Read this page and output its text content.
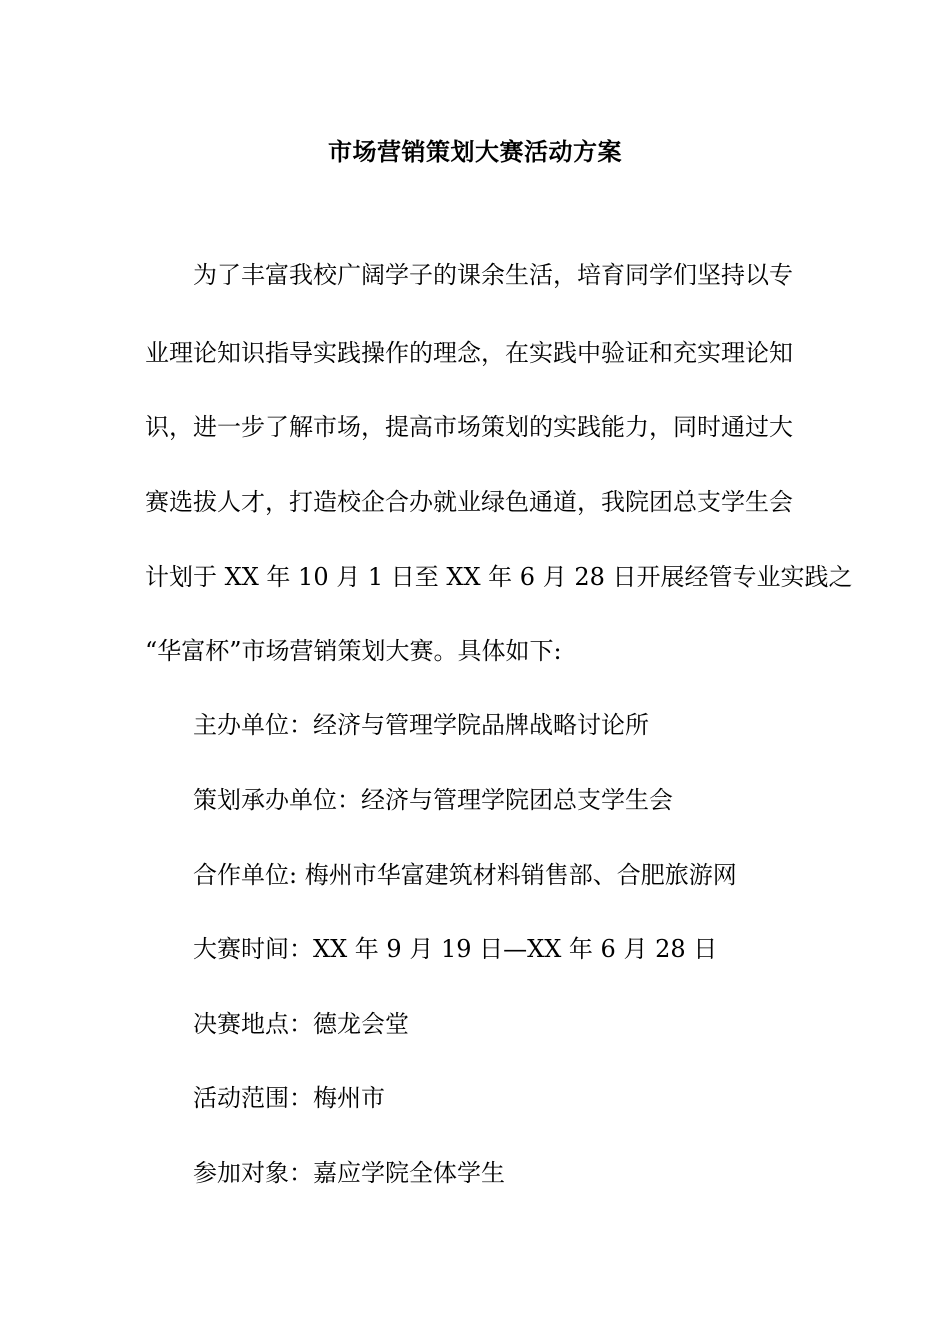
市场营销策划大赛活动方案
为了丰富我校广阔学子的课余生活，培育同学们坚持以专
业理论知识指导实践操作的理念，在实践中验证和充实理论知
识，进一步了解市场，提高市场策划的实践能力，同时通过大
赛选拔人才，打造校企合办就业绿色通道，我院团总支学生会
计划于 XX 年 10 月 1 日至 XX 年 6 月 28 日开展经管专业实践之
“华富杯”市场营销策划大赛。具体如下:
主办单位：经济与管理学院品牌战略讨论所
策划承办单位：经济与管理学院团总支学生会
合作单位: 梅州市华富建筑材料销售部、合肥旅游网
大赛时间：XX 年 9 月 19 日—XX 年 6 月 28 日
决赛地点：德龙会堂
活动范围：梅州市
参加对象：嘉应学院全体学生
